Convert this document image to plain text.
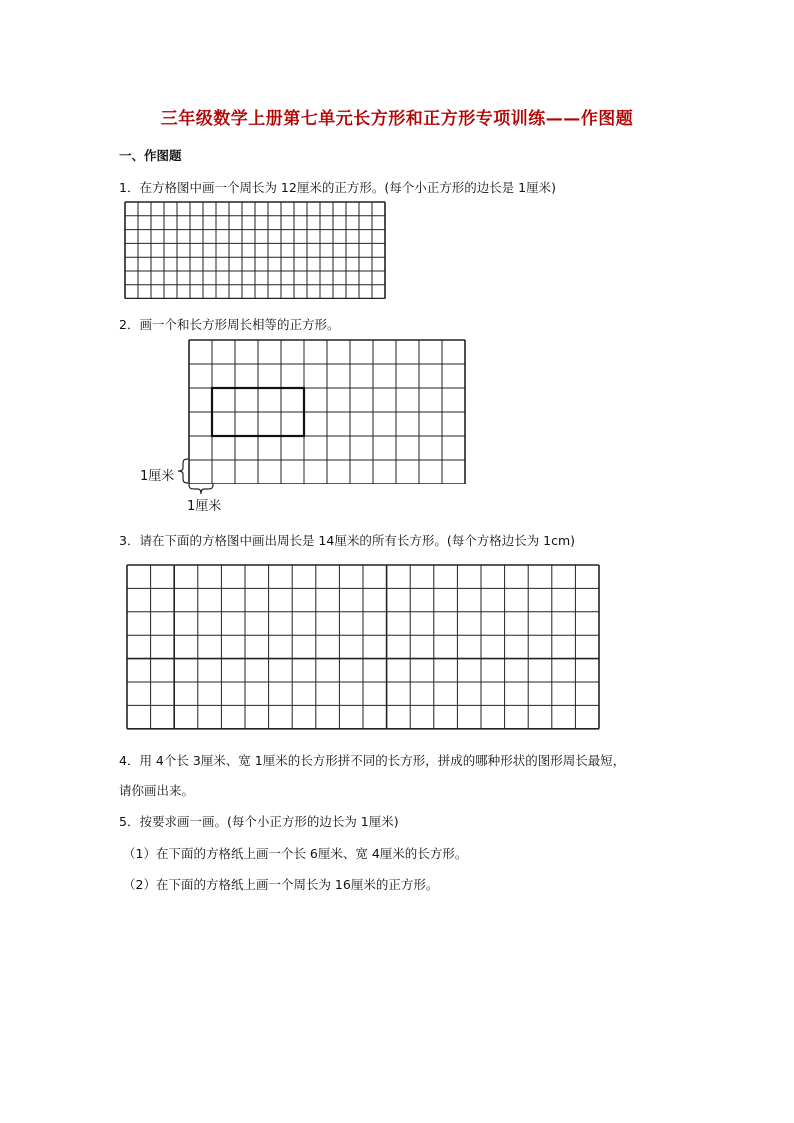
三年级数学上册第七单元长方形和正方形专项训练——作图题
一、作图题
1．在方格图中画一个周长为 12厘米的正方形。(每个小正方形的边长是 1厘米)
2．画一个和长方形周长相等的正方形。
1厘米
1厘米
3．请在下面的方格图中画出周长是 14厘米的所有长方形。(每个方格边长为 1cm)
4．用 4个长 3厘米、宽 1厘米的长方形拼不同的长方形，拼成的哪种形状的图形周长最短，
请你画出来。
5．按要求画一画。(每个小正方形的边长为 1厘米)
（1）在下面的方格纸上画一个长 6厘米、宽 4厘米的长方形。
（2）在下面的方格纸上画一个周长为 16厘米的正方形。
